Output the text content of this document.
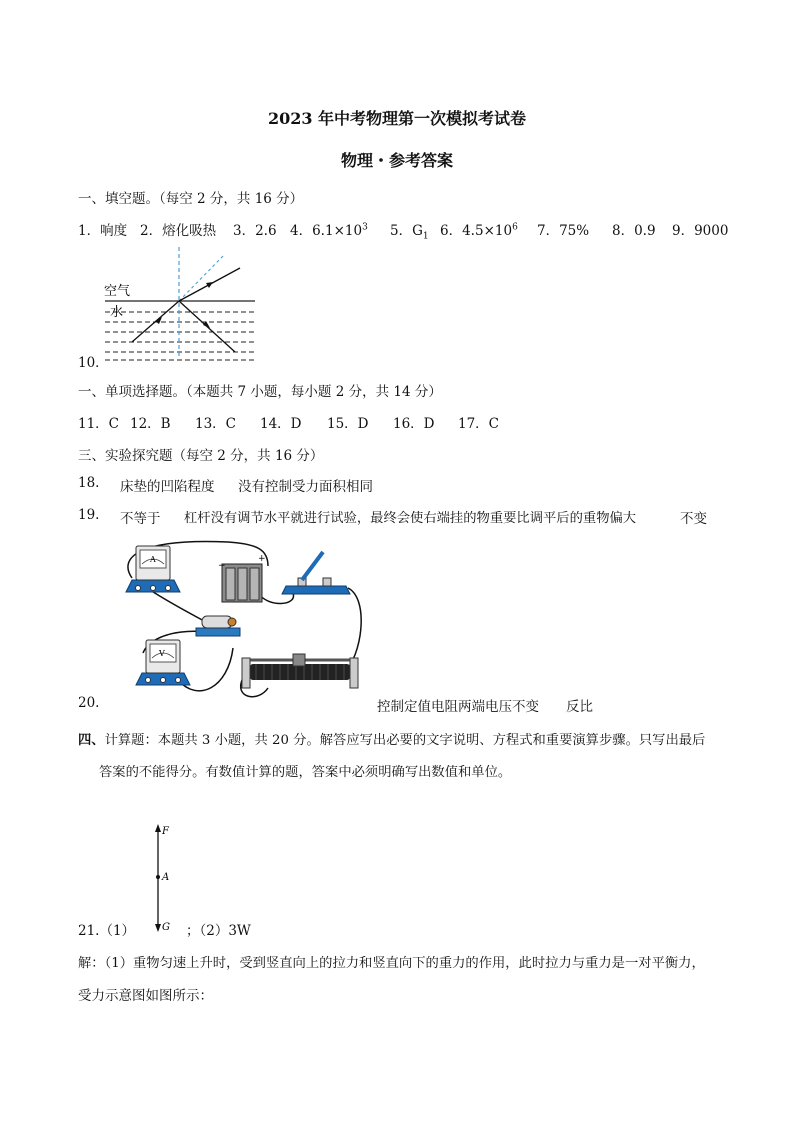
2023 年中考物理第一次模拟考试卷
物理・参考答案
一、填空题。（每空 2 分，共 16 分）
1．响度 2．熔化吸热 3．2.6 4．$6.1\times 10^3$ 5．$G_1$ 6．$4.5\times 10^6$ 7．75% 8．0.9 9．9000
10．
空气
水
一、单项选择题。（本题共 7 小题，每小题 2 分，共 14 分）
11．C 12．B 13．C 14．D 15．D 16．D 17．C
三、实验探究题（每空 2 分，共 16 分）
18. 床垫的凹陷程度 没有控制受力面积相同
19. 不等于 杠杆没有调节水平就进行试验，最终会使右端挂的物重要比调平后的重物偏大	不变
20.
A
−
+
V
控制定值电阻两端电压不变 反比
四、计算题：本题共 3 小题，共 20 分。解答应写出必要的文字说明、方程式和重要演算步骤。只写出最后
答案的不能得分。有数值计算的题，答案中必须明确写出数值和单位。
F
A
G
21.（1）	；（2）3W
解：（1）重物匀速上升时，受到竖直向上的拉力和竖直向下的重力的作用，此时拉力与重力是一对平衡力，
受力示意图如图所示：
